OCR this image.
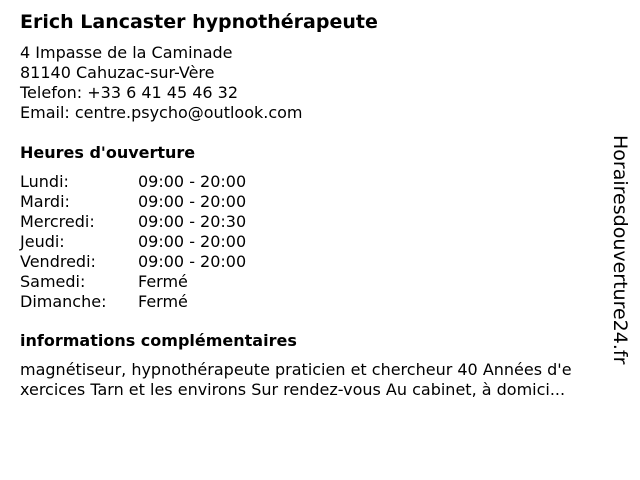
Erich Lancaster hypnothérapeute
4 Impasse de la Caminade
81140 Cahuzac-sur-Vère
Telefon: +33 6 41 45 46 32
Email: centre.psycho@outlook.com
Heures d'ouverture
Lundi:	09:00 - 20:00
Mardi:	09:00 - 20:00
Mercredi:	09:00 - 20:30
Jeudi:	09:00 - 20:00
Vendredi:	09:00 - 20:00
Samedi:	Fermé
Dimanche:	Fermé
informations complémentaires
magnétiseur, hypnothérapeute praticien et chercheur 40 Années d'e
xercices Tarn et les environs Sur rendez-vous Au cabinet, à domici...
Horairesdouverture24.fr
